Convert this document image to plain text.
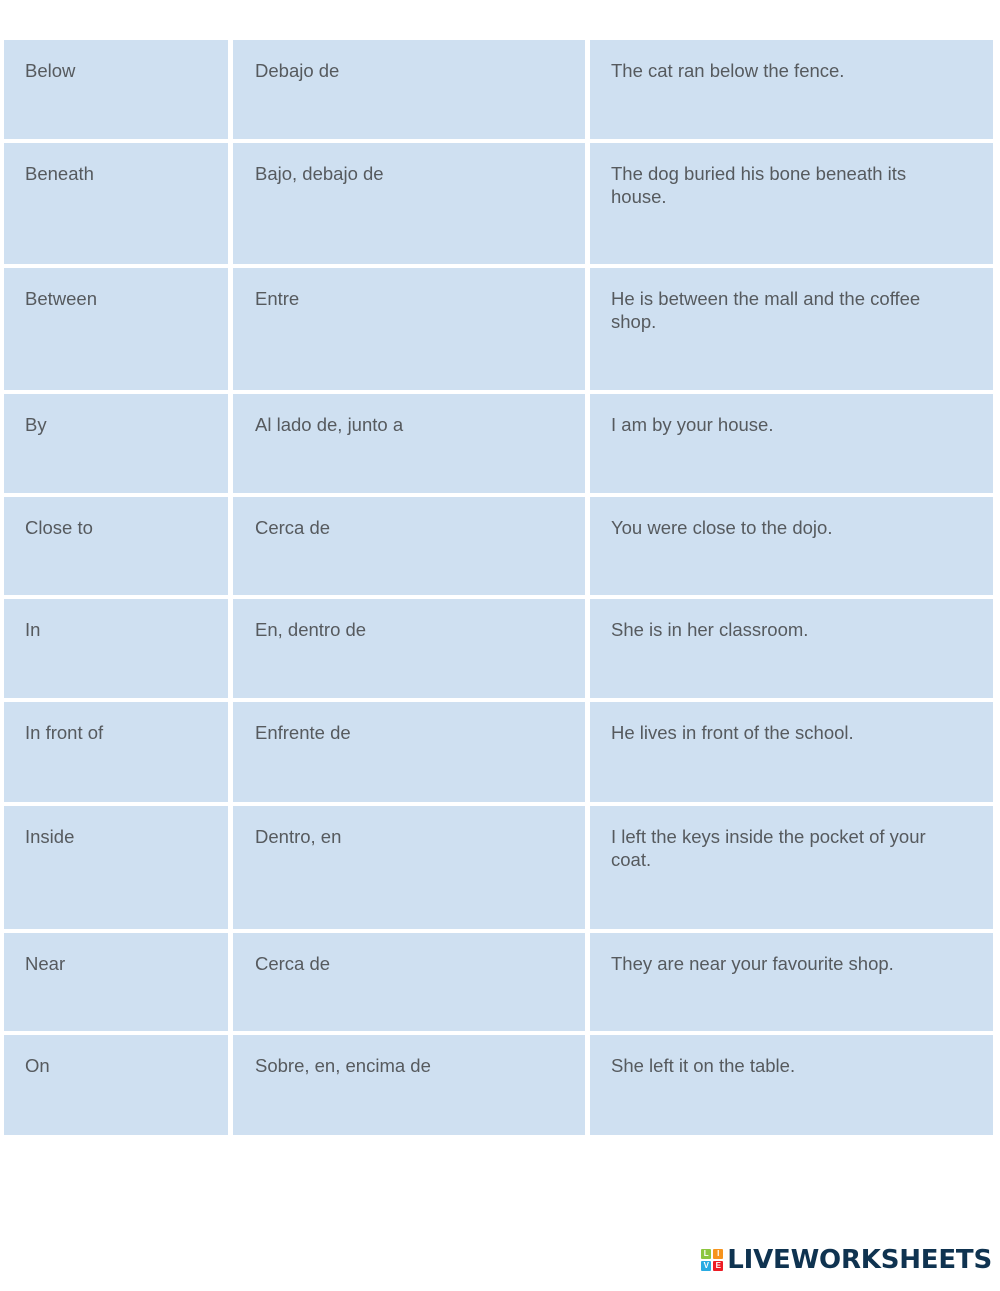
Below	Debajo de	The cat ran below the fence.
Beneath	Bajo, debajo de	The dog buried his bone beneath its house.
Between	Entre	He is between the mall and the coffee shop.
By	Al lado de, junto a	I am by your house.
Close to	Cerca de	You were close to the dojo.
In	En, dentro de	She is in her classroom.
In front of	Enfrente de	He lives in front of the school.
Inside	Dentro, en	I left the keys inside the pocket of your coat.
Near	Cerca de	They are near your favourite shop.
On	Sobre, en, encima de	She left it on the table.
L	I
V E LIVEWORKSHEETS
